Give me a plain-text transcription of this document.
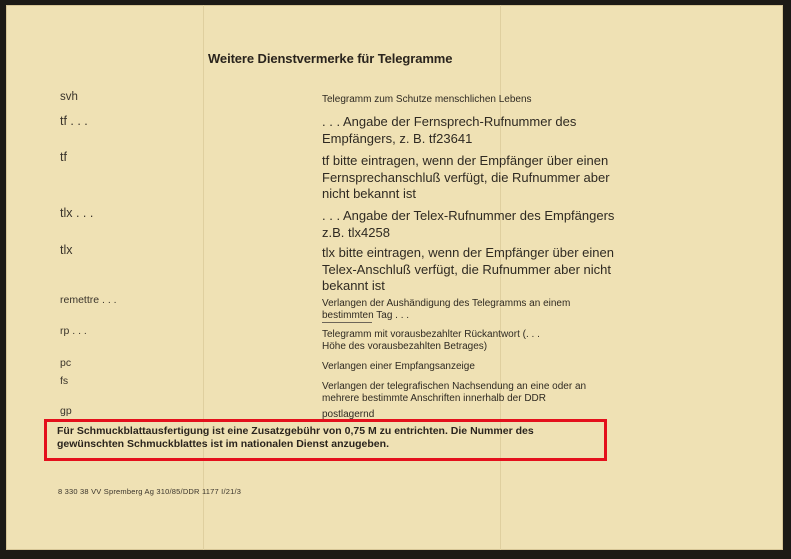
Weitere Dienstvermerke für Telegramme
svh	Telegramm zum Schutze menschlichen Lebens
tf . . .	. . . Angabe der Fernsprech-Rufnummer des Empfängers, z. B. tf23641
tf	tf bitte eintragen, wenn der Empfänger über einen Fernsprechanschluß verfügt, die Rufnummer aber nicht bekannt ist
tlx . . .	. . . Angabe der Telex-Rufnummer des Empfängers z.B. tlx4258
tlx	tlx bitte eintragen, wenn der Empfänger über einen Telex-Anschluß verfügt, die Rufnummer aber nicht bekannt ist
remettre . . .	Verlangen der Aushändigung des Telegramms an einem bestimmten Tag . . .
rp . . .	Telegramm mit vorausbezahlter Rückantwort (. . . Höhe des vorausbezahlten Betrages)
pc	Verlangen einer Empfangsanzeige
fs	Verlangen der telegrafischen Nachsendung an eine oder an mehrere bestimmte Anschriften innerhalb der DDR
gp	postlagernd
Für Schmuckblattausfertigung ist eine Zusatzgebühr von 0,75 M zu entrichten. Die Nummer des gewünschten Schmuckblattes ist im nationalen Dienst anzugeben.
8 330 38 VV Spremberg Ag 310/85/DDR 1177 I/21/3
